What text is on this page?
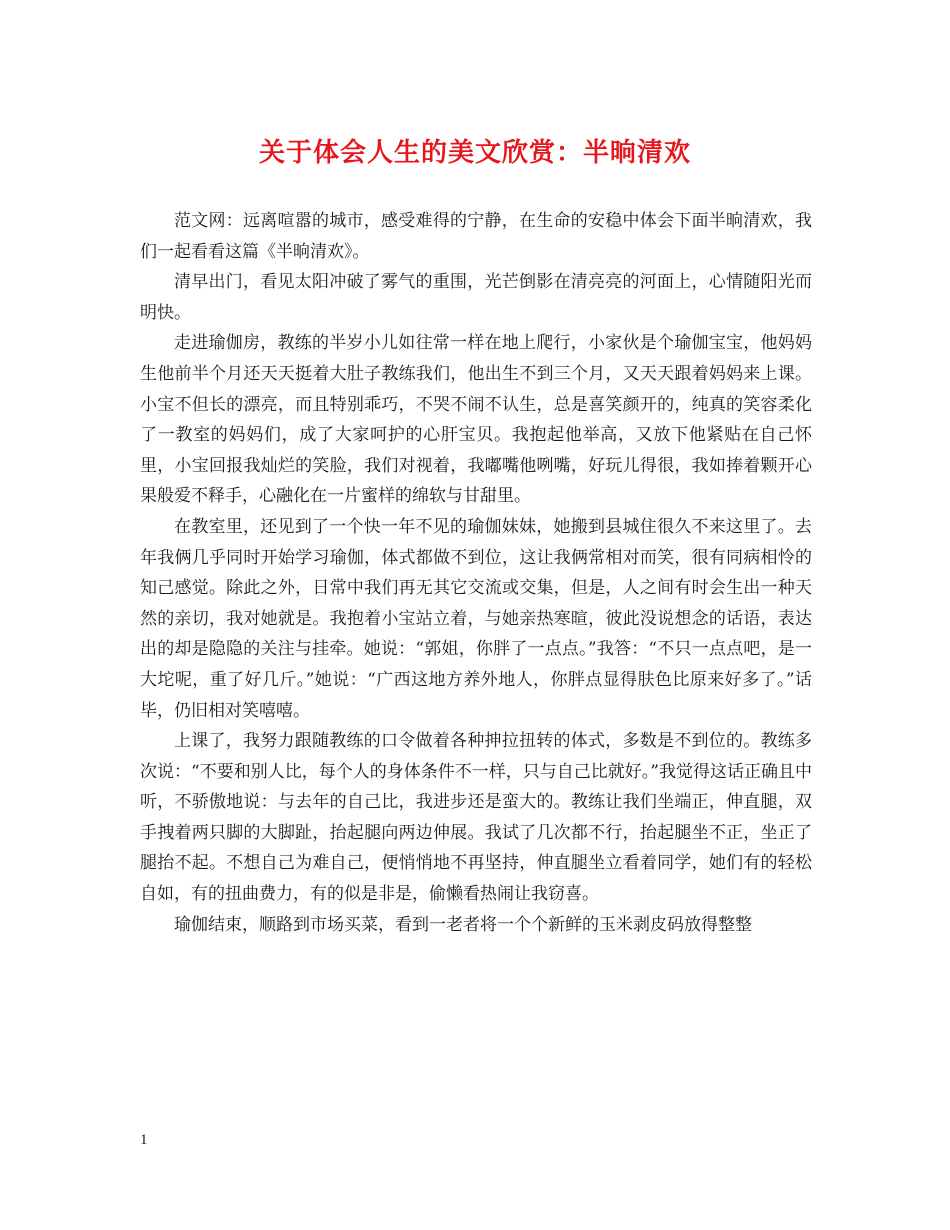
关于体会人生的美文欣赏：半晌清欢

范文网：远离喧嚣的城市，感受难得的宁静，在生命的安稳中体会下面半晌清欢，我们一起看看这篇《半晌清欢》。

清早出门，看见太阳冲破了雾气的重围，光芒倒影在清亮亮的河面上，心情随阳光而明快。

走进瑜伽房，教练的半岁小儿如往常一样在地上爬行，小家伙是个瑜伽宝宝，他妈妈生他前半个月还天天挺着大肚子教练我们，他出生不到三个月，又天天跟着妈妈来上课。小宝不但长的漂亮，而且特别乖巧，不哭不闹不认生，总是喜笑颜开的，纯真的笑容柔化了一教室的妈妈们，成了大家呵护的心肝宝贝。我抱起他举高，又放下他紧贴在自己怀里，小宝回报我灿烂的笑脸，我们对视着，我嘟嘴他咧嘴，好玩儿得很，我如捧着颗开心果般爱不释手，心融化在一片蜜样的绵软与甘甜里。

在教室里，还见到了一个快一年不见的瑜伽妹妹，她搬到县城住很久不来这里了。去年我俩几乎同时开始学习瑜伽，体式都做不到位，这让我俩常相对而笑，很有同病相怜的知己感觉。除此之外，日常中我们再无其它交流或交集，但是，人之间有时会生出一种天然的亲切，我对她就是。我抱着小宝站立着，与她亲热寒暄，彼此没说想念的话语，表达出的却是隐隐的关注与挂牵。她说：“郭姐，你胖了一点点。”我答：“不只一点点吧，是一大坨呢，重了好几斤。”她说：“广西这地方养外地人，你胖点显得肤色比原来好多了。”话毕，仍旧相对笑嘻嘻。

上课了，我努力跟随教练的口令做着各种抻拉扭转的体式，多数是不到位的。教练多次说：“不要和别人比，每个人的身体条件不一样，只与自己比就好。”我觉得这话正确且中听，不骄傲地说：与去年的自己比，我进步还是蛮大的。教练让我们坐端正，伸直腿，双手拽着两只脚的大脚趾，抬起腿向两边伸展。我试了几次都不行，抬起腿坐不正，坐正了腿抬不起。不想自己为难自己，便悄悄地不再坚持，伸直腿坐立看着同学，她们有的轻松自如，有的扭曲费力，有的似是非是，偷懒看热闹让我窃喜。

瑜伽结束，顺路到市场买菜，看到一老者将一个个新鲜的玉米剥皮码放得整整

1
